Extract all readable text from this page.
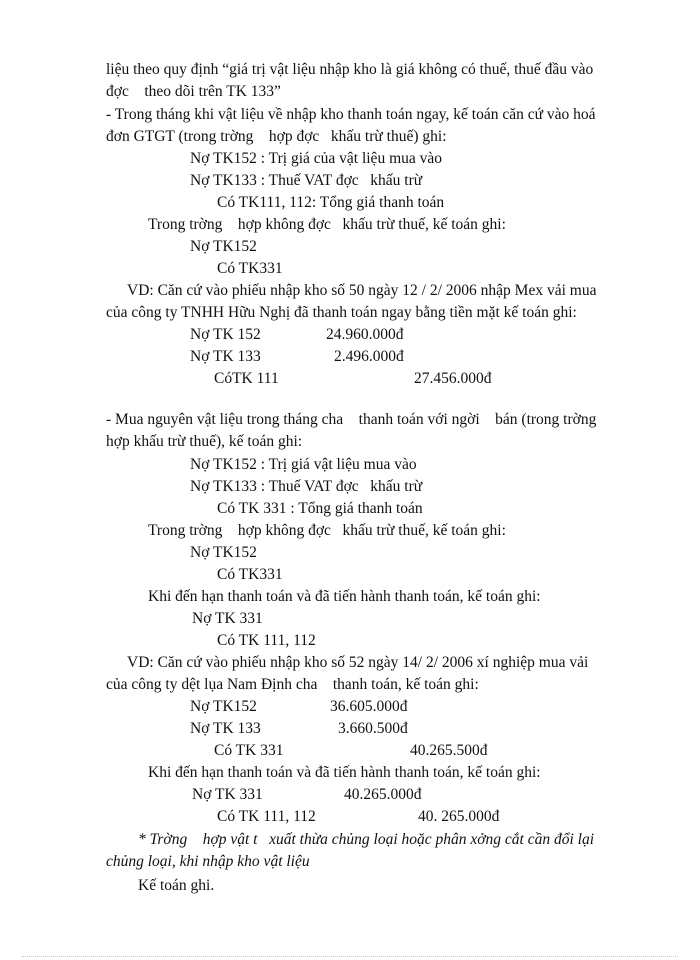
liệu theo quy định “giá trị vật liệu nhập kho là giá không có thuế, thuế đầu vào
đợc    theo dõi trên TK 133”
- Trong tháng khi vật liệu về nhập kho thanh toán ngay, kế toán căn cứ vào hoá
đơn GTGT (trong trờng    hợp đợc   khấu trừ thuế) ghi:
Nợ TK152 : Trị giá của vật liệu mua vào
Nợ TK133 : Thuế VAT đợc   khấu trừ
Có TK111, 112: Tổng giá thanh toán
Trong trờng    hợp không đợc   khấu trừ thuế, kế toán ghi:
Nợ TK152
Có TK331
VD: Căn cứ vào phiếu nhập kho số 50 ngày 12 / 2/ 2006 nhập Mex vải mua
của công ty TNHH Hữu Nghị đã thanh toán ngay bằng tiền mặt kế toán ghi:
Nợ TK 152	24.960.000đ
Nợ TK 133	2.496.000đ
CóTK 111	27.456.000đ
- Mua nguyên vật liệu trong tháng cha    thanh toán với ngời    bán (trong trờng
hợp khấu trừ thuế), kế toán ghi:
Nợ TK152 : Trị giá vật liệu mua vào
Nợ TK133 : Thuế VAT đợc   khấu trừ
Có TK 331 : Tổng giá thanh toán
Trong trờng    hợp không đợc   khấu trừ thuế, kế toán ghi:
Nợ TK152
Có TK331
Khi đến hạn thanh toán và đã tiến hành thanh toán, kế toán ghi:
Nợ TK 331
Có TK 111, 112
VD: Căn cứ vào phiếu nhập kho số 52 ngày 14/ 2/ 2006 xí nghiệp mua vải
của công ty dệt lụa Nam Định cha    thanh toán, kế toán ghi:
Nợ TK152	36.605.000đ
Nợ TK 133	3.660.500đ
Có TK 331	40.265.500đ
Khi đến hạn thanh toán và đã tiến hành thanh toán, kế toán ghi:
Nợ TK 331	40.265.000đ
Có TK 111, 112	40. 265.000đ
* Trờng    hợp vật t   xuất thừa chủng loại hoặc phân xởng cắt cần đổi lại
chủng loại, khi nhập kho vật liệu
Kế toán ghi.
